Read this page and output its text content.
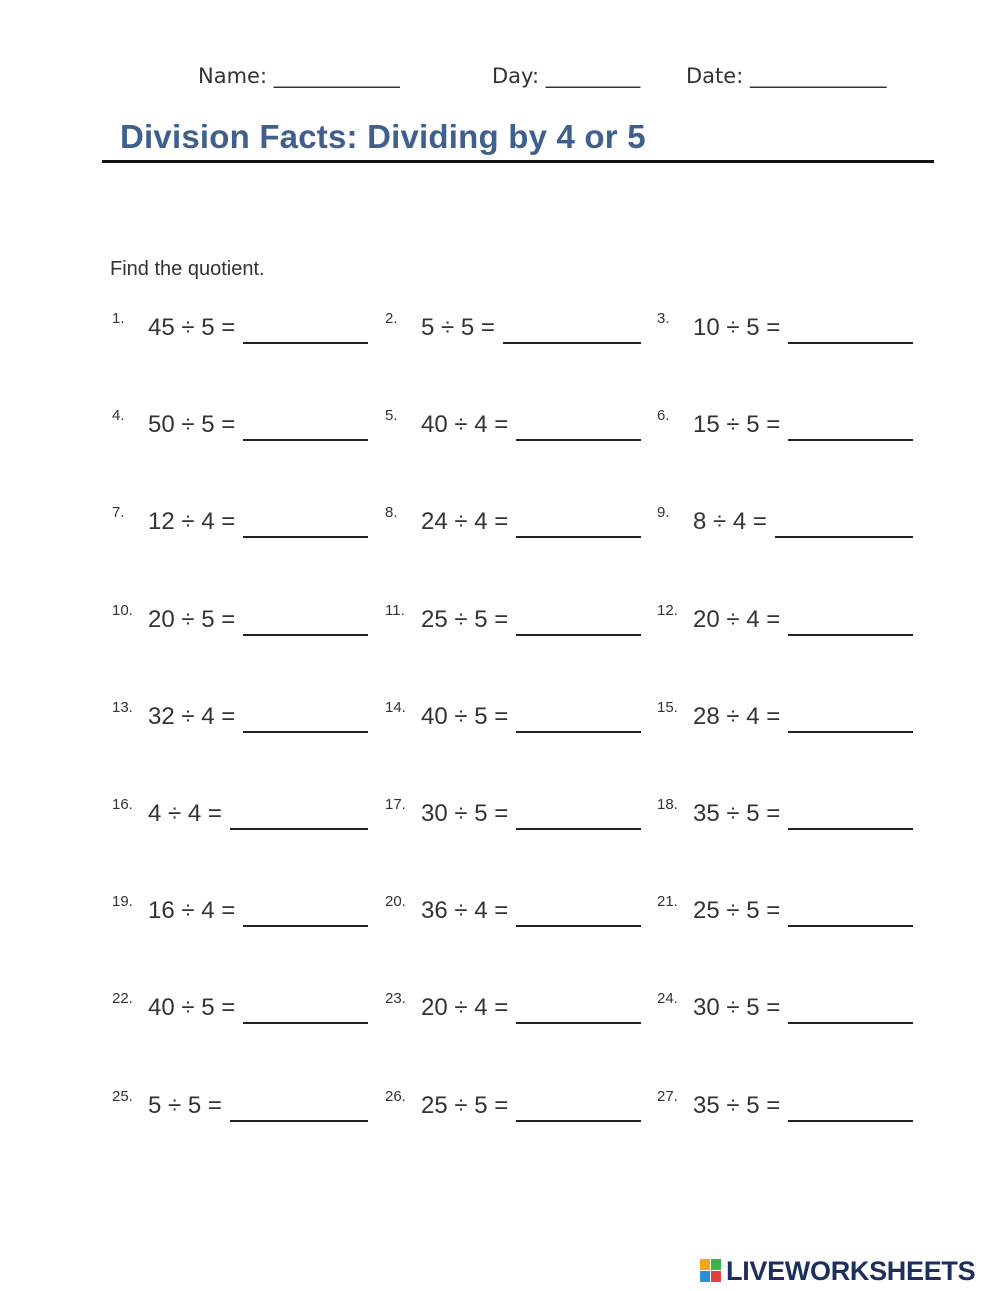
Name: ____________	Day: _________ Date: _____________
Division Facts: Dividing by 4 or 5
Find the quotient.
1. 45 ÷ 5 =	2. 5 ÷ 5 =	3. 10 ÷ 5 =
4. 50 ÷ 5 =	5. 40 ÷ 4 =	6. 15 ÷ 5 =
7. 12 ÷ 4 =	8. 24 ÷ 4 =	9. 8 ÷ 4 =
10. 20 ÷ 5 =	11. 25 ÷ 5 =	12. 20 ÷ 4 =
13. 32 ÷ 4 =	14. 40 ÷ 5 =	15. 28 ÷ 4 =
16. 4 ÷ 4 =	17. 30 ÷ 5 =	18. 35 ÷ 5 =
19. 16 ÷ 4 =	20. 36 ÷ 4 =	21. 25 ÷ 5 =
22. 40 ÷ 5 =	23. 20 ÷ 4 =	24. 30 ÷ 5 =
25. 5 ÷ 5 =	26. 25 ÷ 5 =	27. 35 ÷ 5 =
LIVEWORKSHEETS
